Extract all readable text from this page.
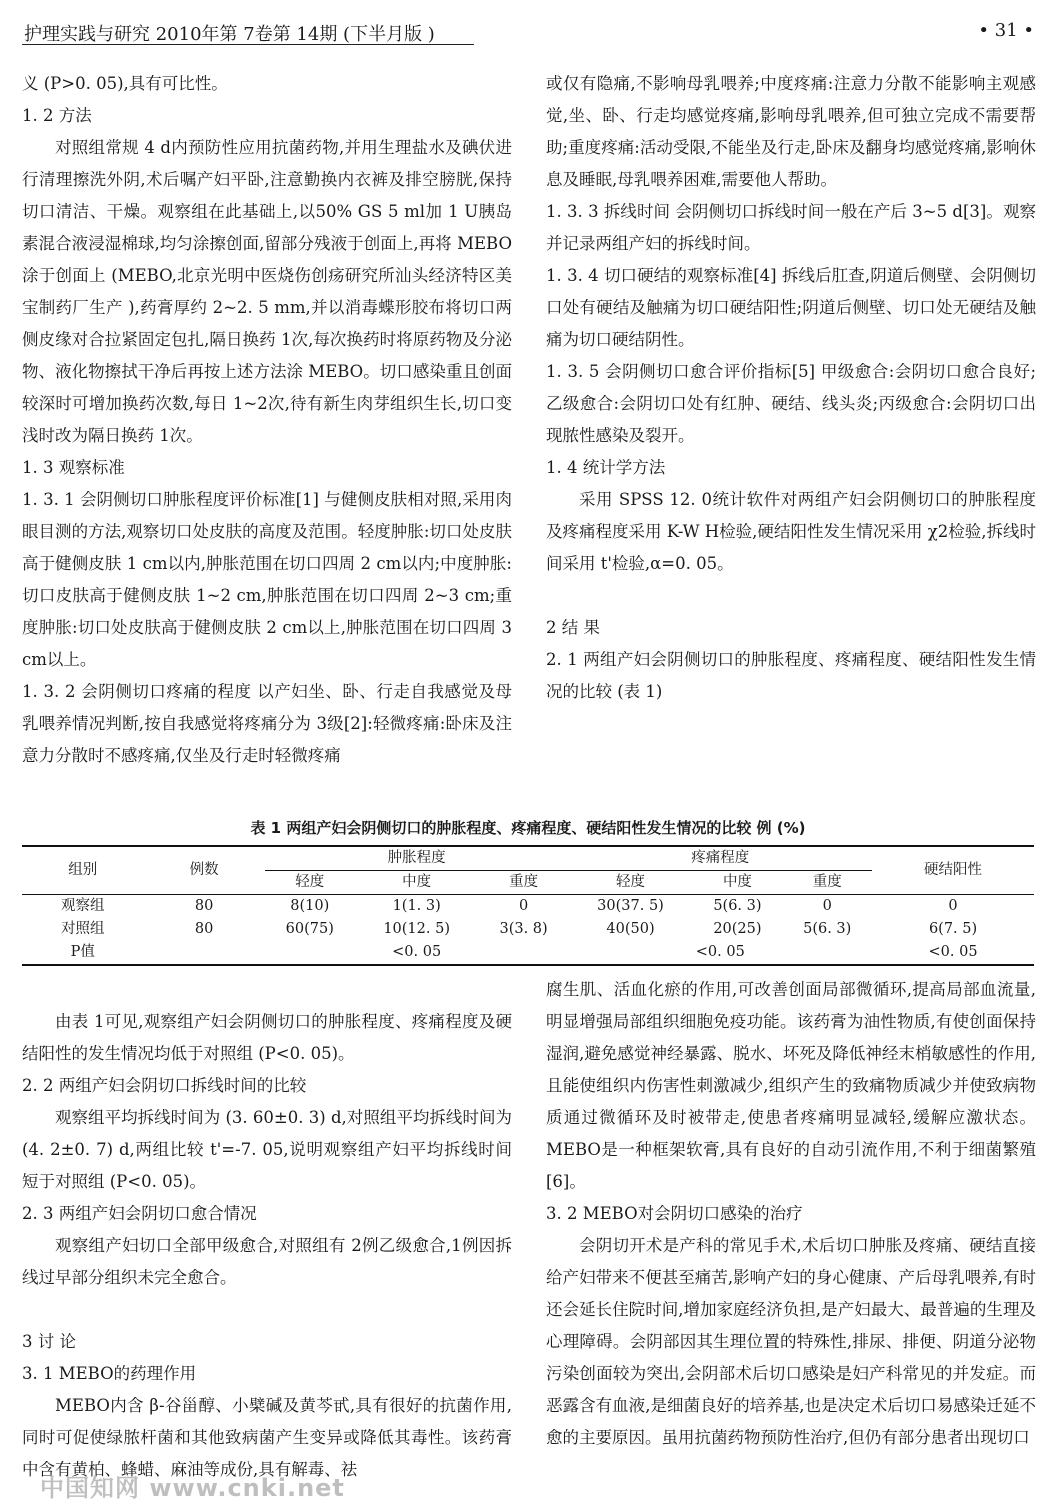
护理实践与研究 2010年第 7卷第 14期 (下半月版 )	• 31 •

义 (P>0. 05),具有可比性。

1. 2 方法

对照组常规 4 d内预防性应用抗菌药物,并用生理盐水及碘伏进行清理擦洗外阴,术后嘱产妇平卧,注意勤换内衣裤及排空膀胱,保持切口清洁、干燥。观察组在此基础上,以50% GS 5 ml加 1 U胰岛素混合液浸湿棉球,均匀涂擦创面,留部分残液于创面上,再将 MEBO涂于创面上 (MEBO,北京光明中医烧伤创疡研究所汕头经济特区美宝制药厂生产 ),药膏厚约 2~2. 5 mm,并以消毒蝶形胶布将切口两侧皮缘对合拉紧固定包扎,隔日换药 1次,每次换药时将原药物及分泌物、液化物擦拭干净后再按上述方法涂 MEBO。切口感染重且创面较深时可增加换药次数,每日 1~2次,待有新生肉芽组织生长,切口变浅时改为隔日换药 1次。

1. 3 观察标准

1. 3. 1 会阴侧切口肿胀程度评价标准[1] 与健侧皮肤相对照,采用肉眼目测的方法,观察切口处皮肤的高度及范围。轻度肿胀:切口处皮肤高于健侧皮肤 1 cm以内,肿胀范围在切口四周 2 cm以内;中度肿胀:切口皮肤高于健侧皮肤 1~2 cm,肿胀范围在切口四周 2~3 cm;重度肿胀:切口处皮肤高于健侧皮肤 2 cm以上,肿胀范围在切口四周 3 cm以上。

1. 3. 2 会阴侧切口疼痛的程度 以产妇坐、卧、行走自我感觉及母乳喂养情况判断,按自我感觉将疼痛分为 3级[2]:轻微疼痛:卧床及注意力分散时不感疼痛,仅坐及行走时轻微疼痛

或仅有隐痛,不影响母乳喂养;中度疼痛:注意力分散不能影响主观感觉,坐、卧、行走均感觉疼痛,影响母乳喂养,但可独立完成不需要帮助;重度疼痛:活动受限,不能坐及行走,卧床及翻身均感觉疼痛,影响休息及睡眠,母乳喂养困难,需要他人帮助。

1. 3. 3 拆线时间 会阴侧切口拆线时间一般在产后 3~5 d[3]。观察并记录两组产妇的拆线时间。

1. 3. 4 切口硬结的观察标准[4] 拆线后肛查,阴道后侧壁、会阴侧切口处有硬结及触痛为切口硬结阳性;阴道后侧壁、切口处无硬结及触痛为切口硬结阴性。

1. 3. 5 会阴侧切口愈合评价指标[5] 甲级愈合:会阴切口愈合良好;乙级愈合:会阴切口处有红肿、硬结、线头炎;丙级愈合:会阴切口出现脓性感染及裂开。

1. 4 统计学方法

采用 SPSS 12. 0统计软件对两组产妇会阴侧切口的肿胀程度及疼痛程度采用 K-W H检验,硬结阳性发生情况采用 χ2检验,拆线时间采用 t'检验,α=0. 05。

2 结 果

2. 1 两组产妇会阴侧切口的肿胀程度、疼痛程度、硬结阳性发生情况的比较 (表 1)

表 1 两组产妇会阴侧切口的肿胀程度、疼痛程度、硬结阳性发生情况的比较 例 (%)
组别	例数	肿胀程度			疼痛程度			硬结阳性
		轻度	中度	重度	轻度	中度	重度	
观察组	80	8(10)	1(1. 3)	0	30(37. 5)	5(6. 3)	0	0
对照组	80	60(75)	10(12. 5)	3(3. 8)	40(50)	20(25)	5(6. 3)	6(7. 5)
P值		<0. 05			<0. 05			<0. 05

由表 1可见,观察组产妇会阴侧切口的肿胀程度、疼痛程度及硬结阳性的发生情况均低于对照组 (P<0. 05)。

2. 2 两组产妇会阴切口拆线时间的比较

观察组平均拆线时间为 (3. 60±0. 3) d,对照组平均拆线时间为 (4. 2±0. 7) d,两组比较 t'=-7. 05,说明观察组产妇平均拆线时间短于对照组 (P<0. 05)。

2. 3 两组产妇会阴切口愈合情况

观察组产妇切口全部甲级愈合,对照组有 2例乙级愈合,1例因拆线过早部分组织未完全愈合。

3 讨 论

3. 1 MEBO的药理作用

MEBO内含 β-谷甾醇、小檗碱及黄芩甙,具有很好的抗菌作用,同时可促使绿脓杆菌和其他致病菌产生变异或降低其毒性。该药膏中含有黄柏、蜂蜡、麻油等成份,具有解毒、祛

腐生肌、活血化瘀的作用,可改善创面局部微循环,提高局部血流量,明显增强局部组织细胞免疫功能。该药膏为油性物质,有使创面保持湿润,避免感觉神经暴露、脱水、坏死及降低神经末梢敏感性的作用,且能使组织内伤害性刺激减少,组织产生的致痛物质减少并使致病物质通过微循环及时被带走,使患者疼痛明显减轻,缓解应激状态。MEBO是一种框架软膏,具有良好的自动引流作用,不利于细菌繁殖[6]。

3. 2 MEBO对会阴切口感染的治疗

会阴切开术是产科的常见手术,术后切口肿胀及疼痛、硬结直接给产妇带来不便甚至痛苦,影响产妇的身心健康、产后母乳喂养,有时还会延长住院时间,增加家庭经济负担,是产妇最大、最普遍的生理及心理障碍。会阴部因其生理位置的特殊性,排尿、排便、阴道分泌物污染创面较为突出,会阴部术后切口感染是妇产科常见的并发症。而恶露含有血液,是细菌良好的培养基,也是决定术后切口易感染迁延不愈的主要原因。虽用抗菌药物预防性治疗,但仍有部分患者出现切口

中国知网 www.cnki.net
